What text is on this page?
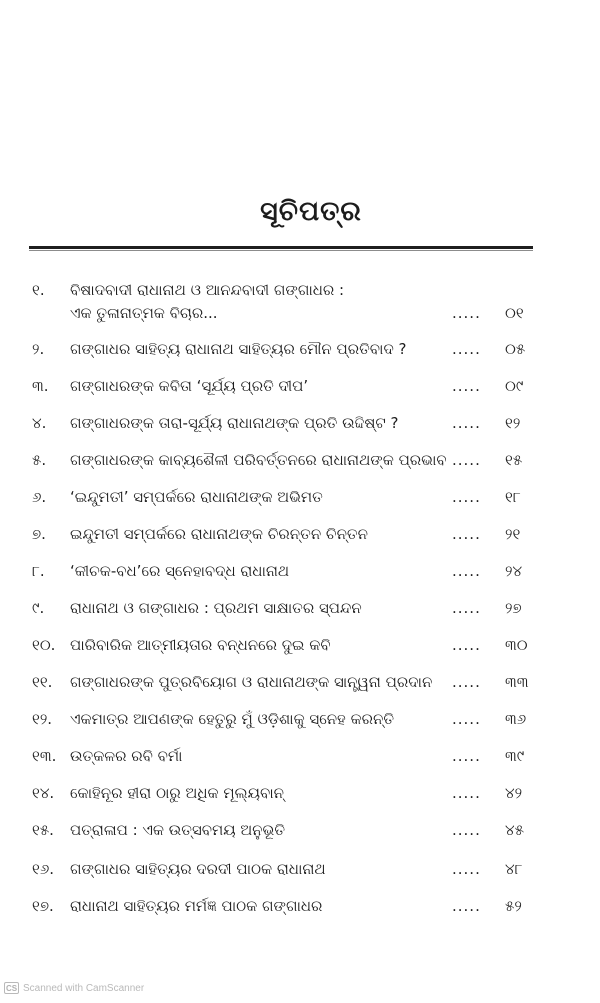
ସୂଚିପତ୍ର
୧. ବିଷାଦବାଦୀ ରାଧାନାଥ ଓ ଆନନ୍ଦବାଦୀ ଗଙ୍ଗାଧର :
ଏକ ତୁଳାନାତ୍ମକ ବିଚାର...	..... ୦୧
୨. ଗଙ୍ଗାଧର ସାହିତ୍ୟ ରାଧାନାଥ ସାହିତ୍ୟର ମୌନ ପ୍ରତିବାଦ ?	..... ୦୫
୩. ଗଙ୍ଗାଧରଙ୍କ କବିତା ‘ସୂର୍ଯ୍ୟ ପ୍ରତି ଦୀପ’	..... ୦୯
୪. ଗଙ୍ଗାଧରଙ୍କ ତାରା-ସୂର୍ଯ୍ୟ ରାଧାନାଥଙ୍କ ପ୍ରତି ଉଦ୍ଦିଷ୍ଟ ?	..... ୧୨
୫. ଗଙ୍ଗାଧରଙ୍କ କାବ୍ୟଶୈଳୀ ପରିବର୍ତ୍ତନରେ ରାଧାନାଥଙ୍କ ପ୍ରଭାବ ..... ୧୫
୬. ‘ଇନ୍ଦୁମତୀ’ ସମ୍ପର୍କରେ ରାଧାନାଥଙ୍କ ଅଭିମତ	..... ୧୮
୭. ଇନ୍ଦୁମତୀ ସମ୍ପର୍କରେ ରାଧାନାଥଙ୍କ ଚିରନ୍ତନ ଚିନ୍ତନ	..... ୨୧
୮. ‘କୀଚକ-ବଧ’ରେ ସ୍ନେହାବଦ୍ଧ ରାଧାନାଥ	..... ୨୪
୯. ରାଧାନାଥ ଓ ଗଙ୍ଗାଧର : ପ୍ରଥମ ସାକ୍ଷାତର ସ୍ପନ୍ଦନ	..... ୨୭
୧୦. ପାରିବାରିକ ଆତ୍ମୀୟତାର ବନ୍ଧନରେ ଦୁଇ କବି	..... ୩୦
୧୧. ଗଙ୍ଗାଧରଙ୍କ ପୁତ୍ରବିୟୋଗ ଓ ରାଧାନାଥଙ୍କ ସାନ୍ତ୍ୱନା ପ୍ରଦାନ ..... ୩୩
୧୨. ଏକମାତ୍ର ଆପଣଙ୍କ ହେତୁରୁ ମୁଁ ଓଡ଼ିଶାକୁ ସ୍ନେହ କରନ୍ତି	..... ୩୬
୧୩. ଉତ୍କଳର ରବି ବର୍ମା	..... ୩୯
୧୪. କୋହିନୂର ହୀରା ଠାରୁ ଅଧିକ ମୂଲ୍ୟବାନ୍	..... ୪୨
୧୫. ପତ୍ରାଳାପ : ଏକ ଉତ୍ସବମୟ ଅନୁଭୂତି	..... ୪୫
୧୬. ଗଙ୍ଗାଧର ସାହିତ୍ୟର ଦରଦୀ ପାଠକ ରାଧାନାଥ	..... ୪୮
୧୭. ରାଧାନାଥ ସାହିତ୍ୟର ମର୍ମଜ୍ଞ ପାଠକ ଗଙ୍ଗାଧର	..... ୫୨
CS Scanned with CamScanner
